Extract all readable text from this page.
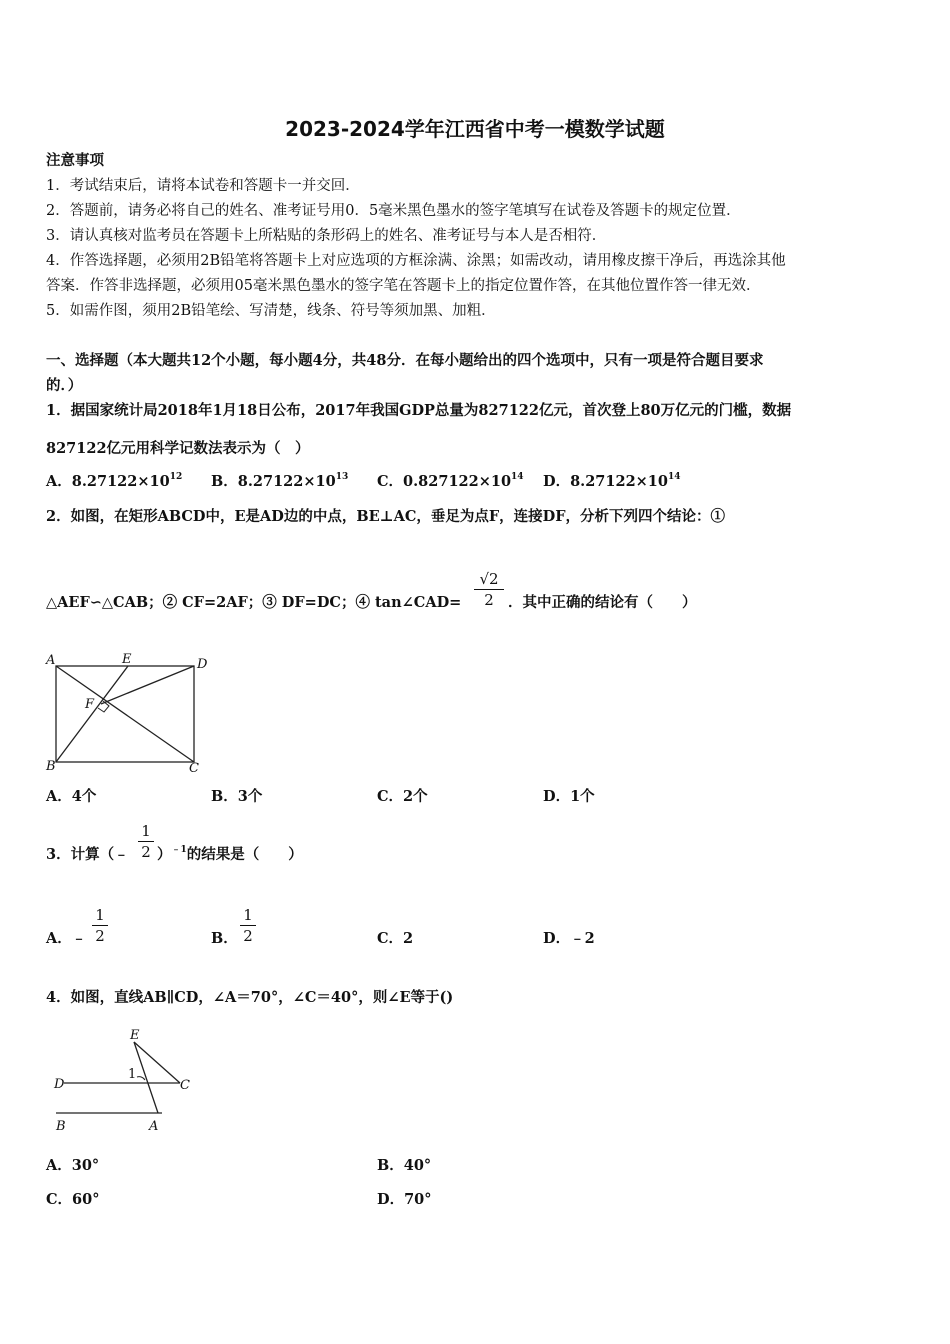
2023-2024学年江西省中考一模数学试题
注意事项
1．考试结束后，请将本试卷和答题卡一并交回．
2．答题前，请务必将自己的姓名、准考证号用0．5毫米黑色墨水的签字笔填写在试卷及答题卡的规定位置．
3．请认真核对监考员在答题卡上所粘贴的条形码上的姓名、准考证号与本人是否相符．
4．作答选择题，必须用2B铅笔将答题卡上对应选项的方框涂满、涂黑；如需改动，请用橡皮擦干净后，再选涂其他
答案．作答非选择题，必须用05毫米黑色墨水的签字笔在答题卡上的指定位置作答，在其他位置作答一律无效．
5．如需作图，须用2B铅笔绘、写清楚，线条、符号等须加黑、加粗．
一、选择题（本大题共12个小题，每小题4分，共48分．在每小题给出的四个选项中，只有一项是符合题目要求
的．）
1．据国家统计局2018年1月18日公布，2017年我国GDP总量为827122亿元，首次登上80万亿元的门槛，数据
827122亿元用科学记数法表示为（　）
A．$8.27122\times 10^{12}$ B．$8.27122\times 10^{13}$ C．$0.827122\times 10^{14}$ D．$8.27122\times 10^{14}$
2．如图，在矩形ABCD中，E是AD边的中点，BE⊥AC，垂足为点F，连接DF，分析下列四个结论：①
△AEF∽△CAB；② CF=2AF；③ DF=DC；④ tan∠CAD=
√2
2 ．其中正确的结论有（　　）
A	E	D
F
B	C
A．4个	B．3个	C．2个	D．1个
3．计算（﹣
1
2 ）$^{﹣1}$的结果是（　　）
A．﹣
1
2	B．
1
2	C．2	D．﹣2
4．如图，直线AB∥CD，∠A＝70°，∠C＝40°，则∠E等于()
E
1
D	C
B	A
A．30°	B．40°
C．60°	D．70°
